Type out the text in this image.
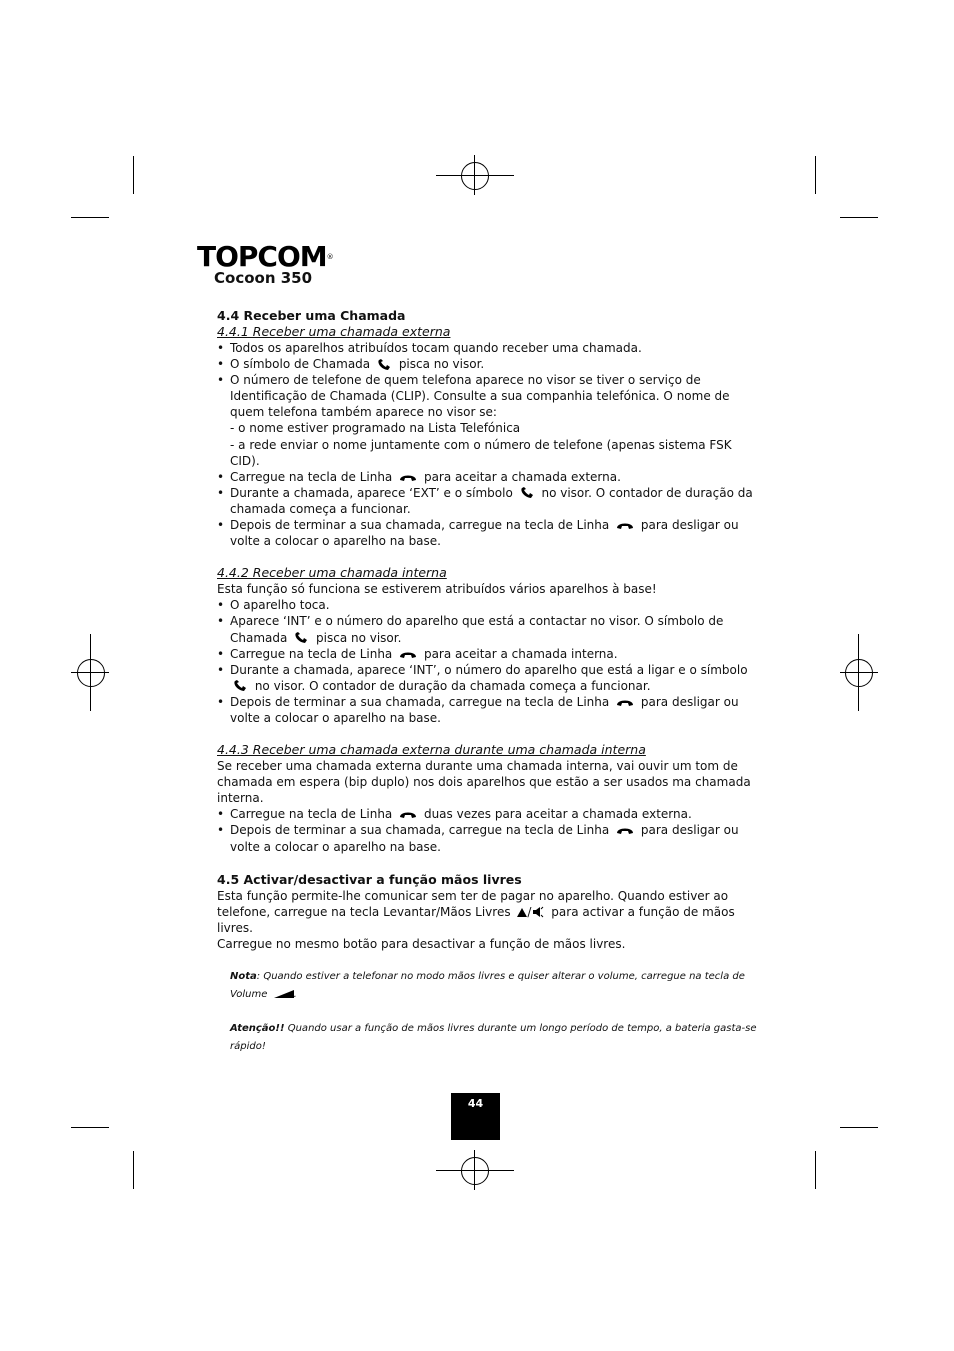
TOPCOM®
Cocoon 350
4.4 Receber uma Chamada
4.4.1 Receber uma chamada externa
• Todos os aparelhos atribuídos tocam quando receber uma chamada.
• O símbolo de Chamada pisca no visor.
• O número de telefone de quem telefona aparece no visor se tiver o serviço de Identificação de Chamada (CLIP). Consulte a sua companhia telefónica. O nome de quem telefona também aparece no visor se:
- o nome estiver programado na Lista Telefónica
- a rede enviar o nome juntamente com o número de telefone (apenas sistema FSK CID).
• Carregue na tecla de Linha	para aceitar a chamada externa.
• Durante a chamada, aparece ‘EXT’ e o símbolo no visor. O contador de duração da chamada começa a funcionar.
• Depois de terminar a sua chamada, carregue na tecla de Linha	para desligar ou volte a colocar o aparelho na base.
4.4.2 Receber uma chamada interna

Esta função só funciona se estiverem atribuídos vários aparelhos à base!

• O aparelho toca.
• Aparece ‘INT’ e o número do aparelho que está a contactar no visor. O símbolo de Chamada pisca no visor.
• Carregue na tecla de Linha	para aceitar a chamada interna.
• Durante a chamada, aparece ‘INT’, o número do aparelho que está a ligar e o símbolo  no visor. O contador de duração da chamada começa a funcionar.
• Depois de terminar a sua chamada, carregue na tecla de Linha	para desligar ou volte a colocar o aparelho na base.
4.4.3 Receber uma chamada externa durante uma chamada interna

Se receber uma chamada externa durante uma chamada interna, vai ouvir um tom de chamada em espera (bip duplo) nos dois aparelhos que estão a ser usados ma chamada interna.

• Carregue na tecla de Linha	duas vezes para aceitar a chamada externa.
• Depois de terminar a sua chamada, carregue na tecla de Linha	para desligar ou volte a colocar o aparelho na base.
4.5 Activar/desactivar a função mãos livres

Esta função permite-lhe comunicar sem ter de pagar no aparelho. Quando estiver ao telefone, carregue na tecla Levantar/Mãos Livres / para activar a função de mãos livres.

Carregue no mesmo botão para desactivar a função de mãos livres.

Nota: Quando estiver a telefonar no modo mãos livres e quiser alterar o volume, carregue na tecla de Volume	.
Atenção!! Quando usar a função de mãos livres durante um longo período de tempo, a bateria gasta-se rápido!
44
